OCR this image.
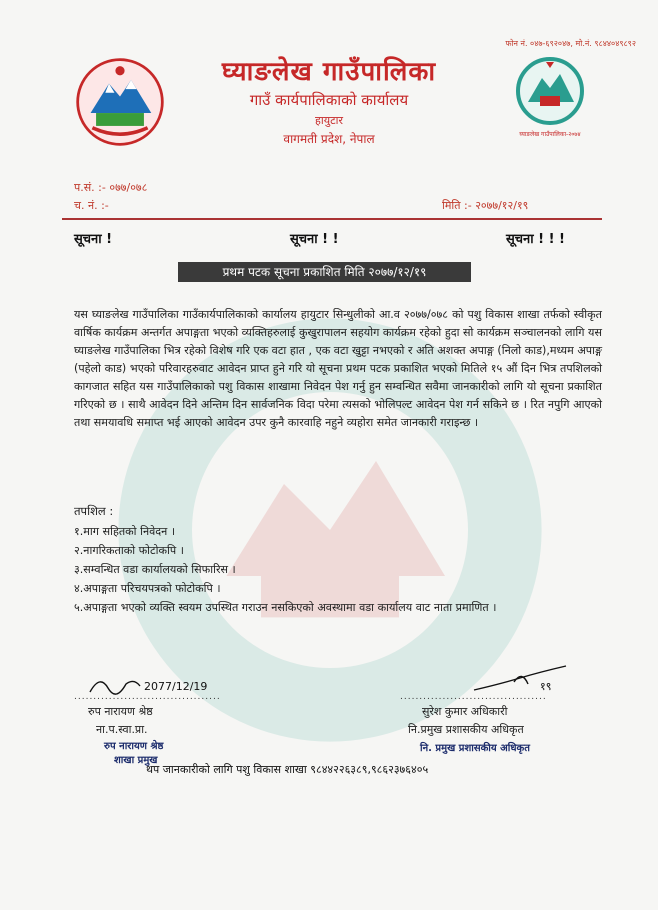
फोन नं. ०४७-६९२०४७, मो.नं. ९८४४०४९८९२
घ्याङलेख गाउँपालिका
गाउँ कार्यपालिकाको कार्यालय
हायुटार
वागमती प्रदेश, नेपाल	घ्याङलेख गाउँपालिका-२०७४
प.सं. :- ०७७/०७८
च. नं. :-	मिति :- २०७७/१२/१९
सूचना !	सूचना ! !	सूचना ! ! !
प्रथम पटक सूचना प्रकाशित मिति २०७७/१२/१९
यस घ्याङलेख गाउँपालिका गाउँकार्यपालिकाको कार्यालय हायुटार सिन्धुलीको आ.व २०७७/०७८ को पशु विकास शाखा तर्फको स्वीकृत वार्षिक कार्यक्रम अन्तर्गत अपाङ्गता भएको व्यक्तिहरुलाई कुखुरापालन सहयोग कार्यक्रम रहेको हुदा सो कार्यक्रम सञ्चालनको लागि यस घ्याङलेख गाउँपालिका भित्र रहेको विशेष गरि एक वटा हात , एक वटा खुट्टा नभएको र अति अशक्त अपाङ्ग (निलो काड),मध्यम अपाङ्ग (पहेलो काड) भएको परिवारहरुवाट आवेदन प्राप्त हुने गरि यो सूचना प्रथम पटक प्रकाशित भएको मितिले १५ औं दिन भित्र तपशिलको कागजात सहित यस गाउँपालिकाको पशु विकास शाखामा निवेदन पेश गर्नु हुन सम्वन्धित सवैमा जानकारीको लागि यो सूचना प्रकाशित गरिएको छ । साथै आवेदन दिने अन्तिम दिन सार्वजनिक विदा परेमा त्यसको भोलिपल्ट आवेदन पेश गर्न सकिने छ । रित नपुगि आएको तथा समयावधि समाप्त भई आएको आवेदन उपर कुनै कारवाहि नहुने व्यहोरा समेत जानकारी गराइन्छ ।
तपशिल :
१.माग सहितको निवेदन ।
२.नागरिकताको फोटोकपि ।
३.सम्वन्धित वडा कार्यालयको सिफारिस ।
४.अपाङ्गता परिचयपत्रको फोटोकपि ।
५.अपाङ्गता भएको व्यक्ति स्वयम उपस्थित गराउन नसकिएको अवस्थामा वडा कार्यालय वाट नाता प्रमाणित ।
2077/12/19
......................................
रुप नारायण श्रेष्ठ
ना.प.स्वा.प्रा.
रुप नारायण श्रेष्ठ
शाखा प्रमुख
१९
......................................
सुरेश कुमार अधिकारी
नि.प्रमुख प्रशासकीय अधिकृत
नि. प्रमुख प्रशासकीय अधिकृत
थप जानकारीको लागि पशु विकास शाखा ९८४४२२६३८९,९८६२३७६४०५
